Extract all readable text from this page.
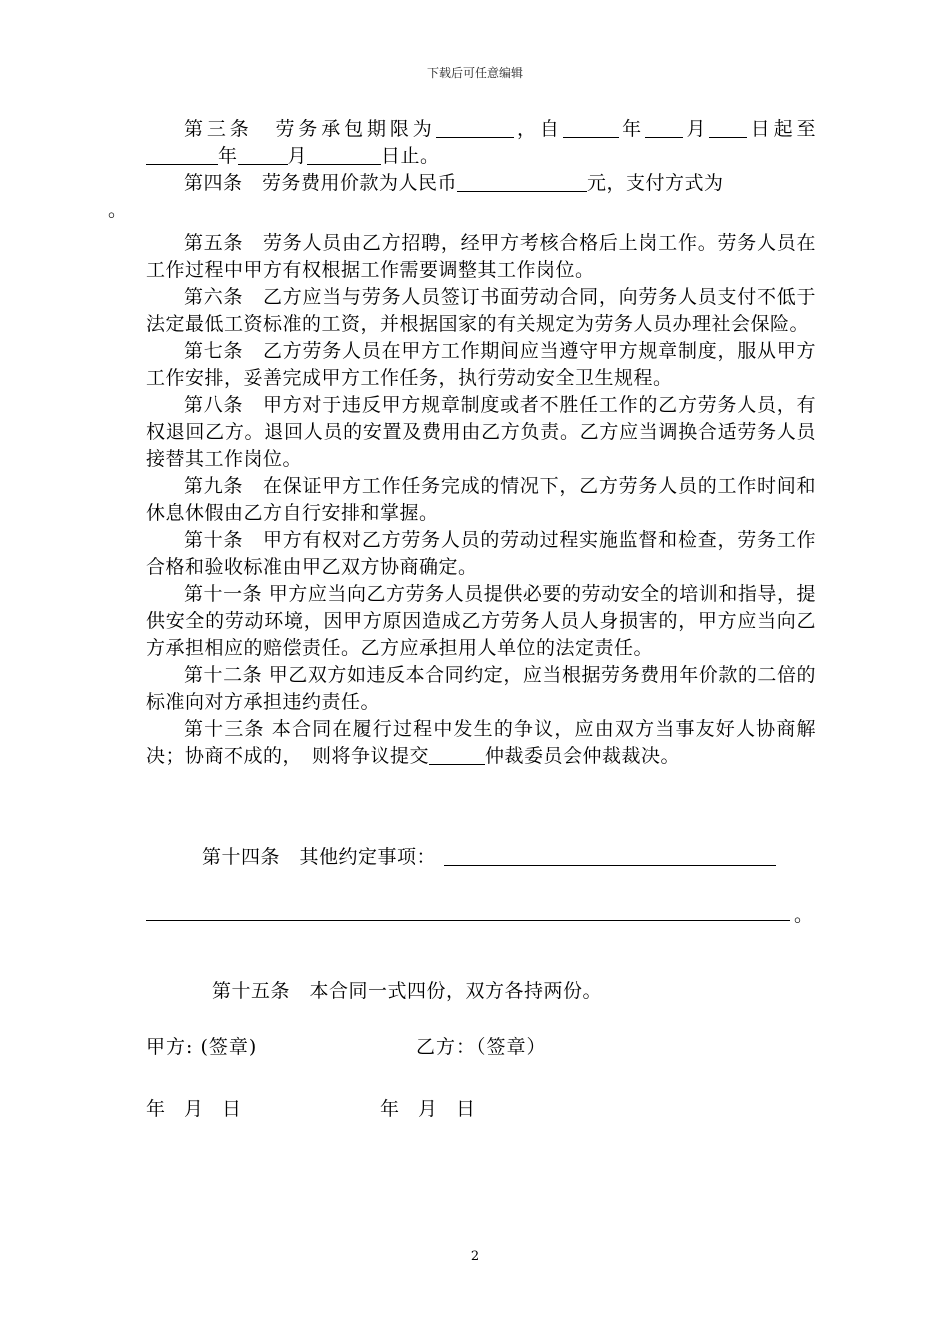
下载后可任意编辑

第三条　劳务承包期限为	，自	年 月 日起至年	月	日止。

第四条　劳务费用价款为人民币	元，支付方式为
。

第五条　劳务人员由乙方招聘，经甲方考核合格后上岗工作。劳务人员在工作过程中甲方有权根据工作需要调整其工作岗位。

第六条　乙方应当与劳务人员签订书面劳动合同，向劳务人员支付不低于法定最低工资标准的工资，并根据国家的有关规定为劳务人员办理社会保险。

第七条　乙方劳务人员在甲方工作期间应当遵守甲方规章制度，服从甲方工作安排，妥善完成甲方工作任务，执行劳动安全卫生规程。

第八条　甲方对于违反甲方规章制度或者不胜任工作的乙方劳务人员，有权退回乙方。退回人员的安置及费用由乙方负责。乙方应当调换合适劳务人员接替其工作岗位。

第九条　在保证甲方工作任务完成的情况下，乙方劳务人员的工作时间和休息休假由乙方自行安排和掌握。

第十条　甲方有权对乙方劳务人员的劳动过程实施监督和检查，劳务工作合格和验收标准由甲乙双方协商确定。

第十一条 甲方应当向乙方劳务人员提供必要的劳动安全的培训和指导，提供安全的劳动环境，因甲方原因造成乙方劳务人员人身损害的，甲方应当向乙方承担相应的赔偿责任。乙方应承担用人单位的法定责任。

第十二条 甲乙双方如违反本合同约定，应当根据劳务费用年价款的二倍的标准向对方承担违约责任。

第十三条 本合同在履行过程中发生的争议，应由双方当事友好人协商解决；协商不成的，　则将争议提交	仲裁委员会仲裁裁决。

第十四条　其他约定事项：

。
第十五条　本合同一式四份，双方各持两份。
甲方: (签章)	乙方：（签章）
年　月　日	年　月　日
2
